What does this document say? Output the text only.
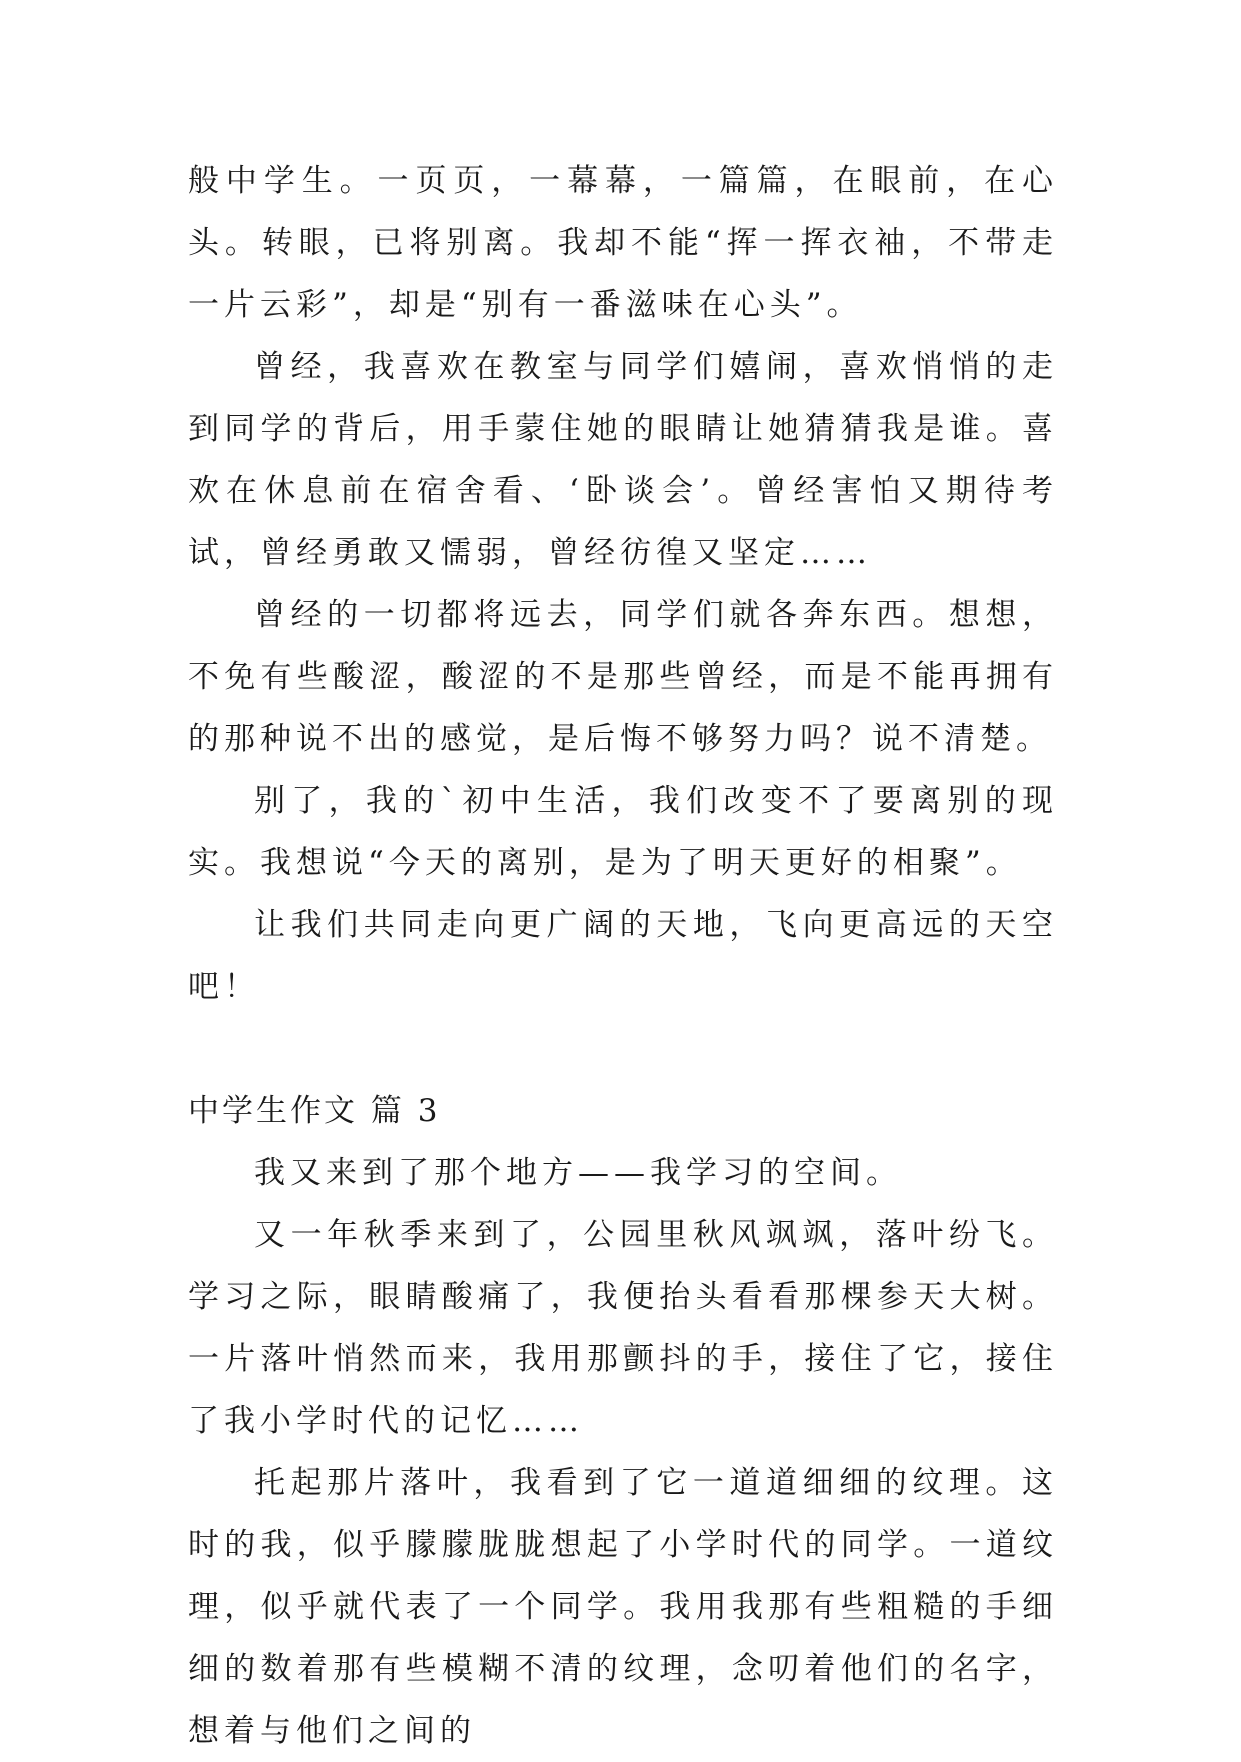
般中学生。一页页，一幕幕，一篇篇，在眼前，在心头。转眼，已将别离。我却不能“挥一挥衣袖，不带走一片云彩”，却是“别有一番滋味在心头”。

曾经，我喜欢在教室与同学们嬉闹，喜欢悄悄的走到同学的背后，用手蒙住她的眼睛让她猜猜我是谁。喜欢在休息前在宿舍看、‘卧谈会’。曾经害怕又期待考试，曾经勇敢又懦弱，曾经彷徨又坚定……

曾经的一切都将远去，同学们就各奔东西。想想，不免有些酸涩，酸涩的不是那些曾经，而是不能再拥有的那种说不出的感觉，是后悔不够努力吗？说不清楚。

别了，我的`初中生活，我们改变不了要离别的现实。我想说“今天的离别，是为了明天更好的相聚”。

让我们共同走向更广阔的天地，飞向更高远的天空吧！

中学生作文 篇 3

我又来到了那个地方——我学习的空间。

又一年秋季来到了，公园里秋风飒飒，落叶纷飞。学习之际，眼睛酸痛了，我便抬头看看那棵参天大树。一片落叶悄然而来，我用那颤抖的手，接住了它，接住了我小学时代的记忆……

托起那片落叶，我看到了它一道道细细的纹理。这时的我，似乎朦朦胧胧想起了小学时代的同学。一道纹理，似乎就代表了一个同学。我用我那有些粗糙的手细细的数着那有些模糊不清的纹理，念叨着他们的名字，想着与他们之间的
